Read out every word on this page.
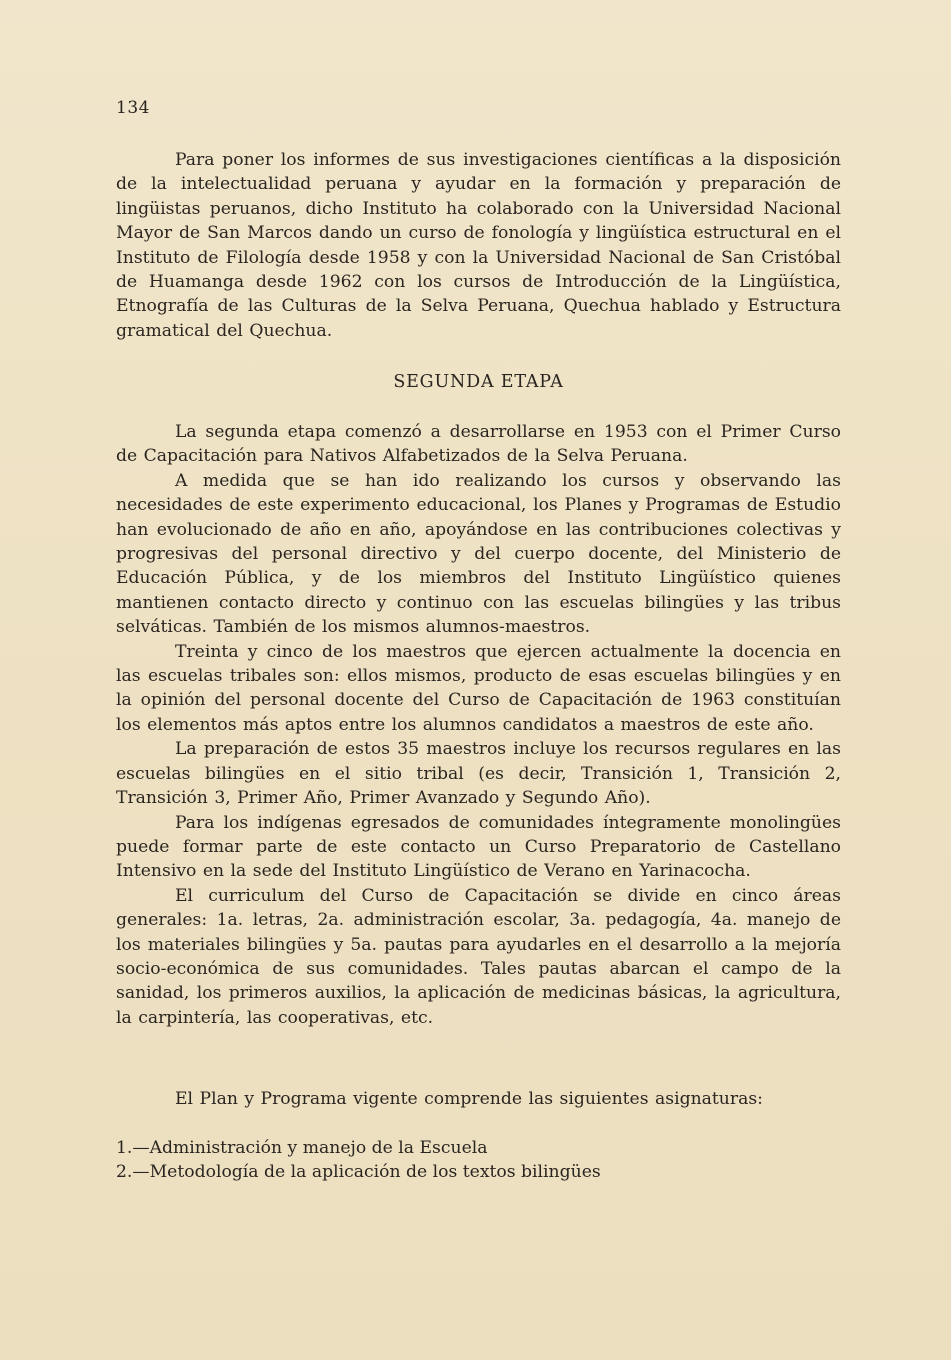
134

Para poner los informes de sus investigaciones científicas a la disposición de la intelectualidad peruana y ayudar en la formación y preparación de lingüistas peruanos, dicho Instituto ha colaborado con la Universidad Nacional Mayor de San Marcos dando un curso de fonología y lingüística estructural en el Instituto de Filología desde 1958 y con la Universidad Nacional de San Cristóbal de Huamanga desde 1962 con los cursos de Introducción de la Lingüística, Etnografía de las Culturas de la Selva Peruana, Quechua hablado y Estructura gramatical del Quechua.

SEGUNDA ETAPA

La segunda etapa comenzó a desarrollarse en 1953 con el Primer Curso de Capacitación para Nativos Alfabetizados de la Selva Peruana.

A medida que se han ido realizando los cursos y observando las necesidades de este experimento educacional, los Planes y Programas de Estudio han evolucionado de año en año, apoyándose en las contribuciones colectivas y progresivas del personal directivo y del cuerpo docente, del Ministerio de Educación Pública, y de los miembros del Instituto Lingüístico quienes mantienen contacto directo y continuo con las escuelas bilingües y las tribus selváticas. También de los mismos alumnos-maestros.

Treinta y cinco de los maestros que ejercen actualmente la docencia en las escuelas tribales son: ellos mismos, producto de esas escuelas bilingües y en la opinión del personal docente del Curso de Capacitación de 1963 constituían los elementos más aptos entre los alumnos candidatos a maestros de este año.

La preparación de estos 35 maestros incluye los recursos regulares en las escuelas bilingües en el sitio tribal (es decir, Transición 1, Transición 2, Transición 3, Primer Año, Primer Avanzado y Segundo Año).

Para los indígenas egresados de comunidades íntegramente monolingües puede formar parte de este contacto un Curso Preparatorio de Castellano Intensivo en la sede del Instituto Lingüístico de Verano en Yarinacocha.

El curriculum del Curso de Capacitación se divide en cinco áreas generales: 1a. letras, 2a. administración escolar, 3a. pedagogía, 4a. manejo de los materiales bilingües y 5a. pautas para ayudarles en el desarrollo a la mejoría socio-económica de sus comunidades. Tales pautas abarcan el campo de la sanidad, los primeros auxilios, la aplicación de medicinas básicas, la agricultura, la carpintería, las cooperativas, etc.

El Plan y Programa vigente comprende las siguientes asignaturas:

1.—Administración y manejo de la Escuela
2.—Metodología de la aplicación de los textos bilingües
